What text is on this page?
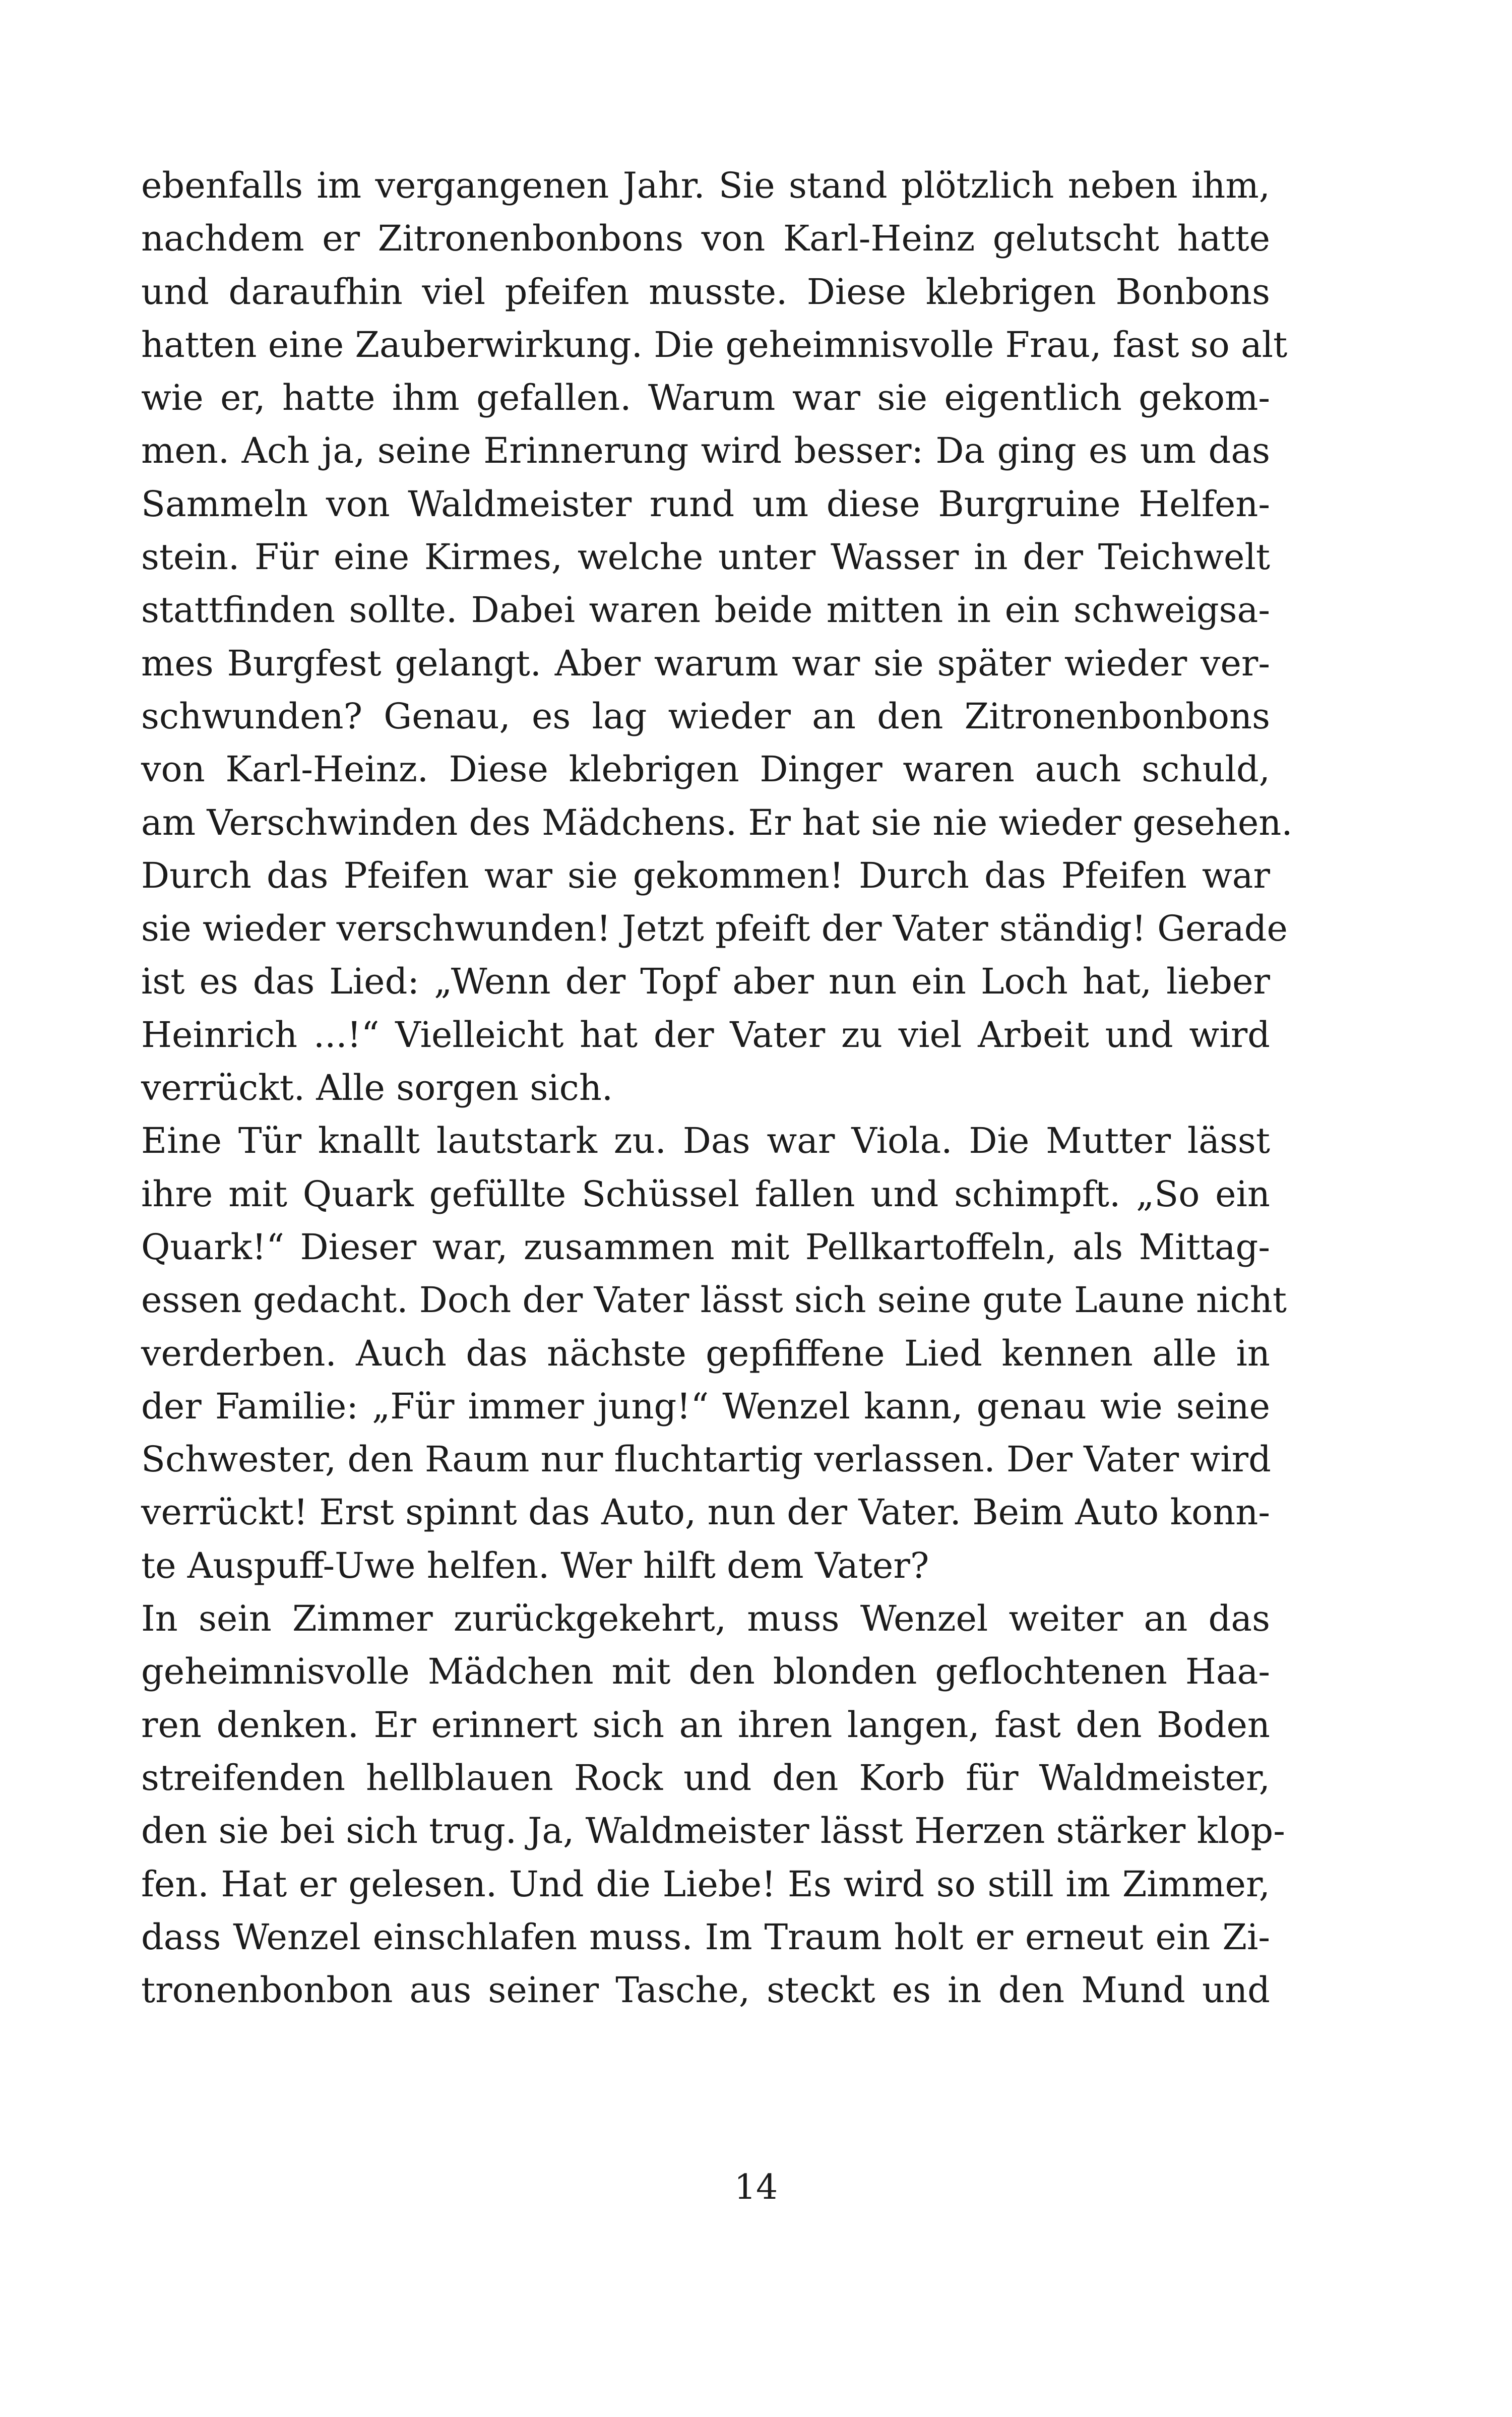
ebenfalls im vergangenen Jahr. Sie stand plötzlich neben ihm,
nachdem er Zitronenbonbons von Karl-Heinz gelutscht hatte
und daraufhin viel pfeifen musste. Diese klebrigen Bonbons
hatten eine Zauberwirkung. Die geheimnisvolle Frau, fast so alt
wie er, hatte ihm gefallen. Warum war sie eigentlich gekom-
men. Ach ja, seine Erinnerung wird besser: Da ging es um das
Sammeln von Waldmeister rund um diese Burgruine Helfen-
stein. Für eine Kirmes, welche unter Wasser in der Teichwelt
stattfinden sollte. Dabei waren beide mitten in ein schweigsa-
mes Burgfest gelangt. Aber warum war sie später wieder ver-
schwunden? Genau, es lag wieder an den Zitronenbonbons
von Karl-Heinz. Diese klebrigen Dinger waren auch schuld,
am Verschwinden des Mädchens. Er hat sie nie wieder gesehen.
Durch das Pfeifen war sie gekommen! Durch das Pfeifen war
sie wieder verschwunden! Jetzt pfeift der Vater ständig! Gerade
ist es das Lied: „Wenn der Topf aber nun ein Loch hat, lieber
Heinrich ...!“ Vielleicht hat der Vater zu viel Arbeit und wird
verrückt. Alle sorgen sich.
Eine Tür knallt lautstark zu. Das war Viola. Die Mutter lässt
ihre mit Quark gefüllte Schüssel fallen und schimpft. „So ein
Quark!“ Dieser war, zusammen mit Pellkartoffeln, als Mittag-
essen gedacht. Doch der Vater lässt sich seine gute Laune nicht
verderben. Auch das nächste gepfiffene Lied kennen alle in
der Familie: „Für immer jung!“ Wenzel kann, genau wie seine
Schwester, den Raum nur fluchtartig verlassen. Der Vater wird
verrückt! Erst spinnt das Auto, nun der Vater. Beim Auto konn-
te Auspuff-Uwe helfen. Wer hilft dem Vater?
In sein Zimmer zurückgekehrt, muss Wenzel weiter an das
geheimnisvolle Mädchen mit den blonden geflochtenen Haa-
ren denken. Er erinnert sich an ihren langen, fast den Boden
streifenden hellblauen Rock und den Korb für Waldmeister,
den sie bei sich trug. Ja, Waldmeister lässt Herzen stärker klop-
fen. Hat er gelesen. Und die Liebe! Es wird so still im Zimmer,
dass Wenzel einschlafen muss. Im Traum holt er erneut ein Zi-
tronenbonbon aus seiner Tasche, steckt es in den Mund und
14
